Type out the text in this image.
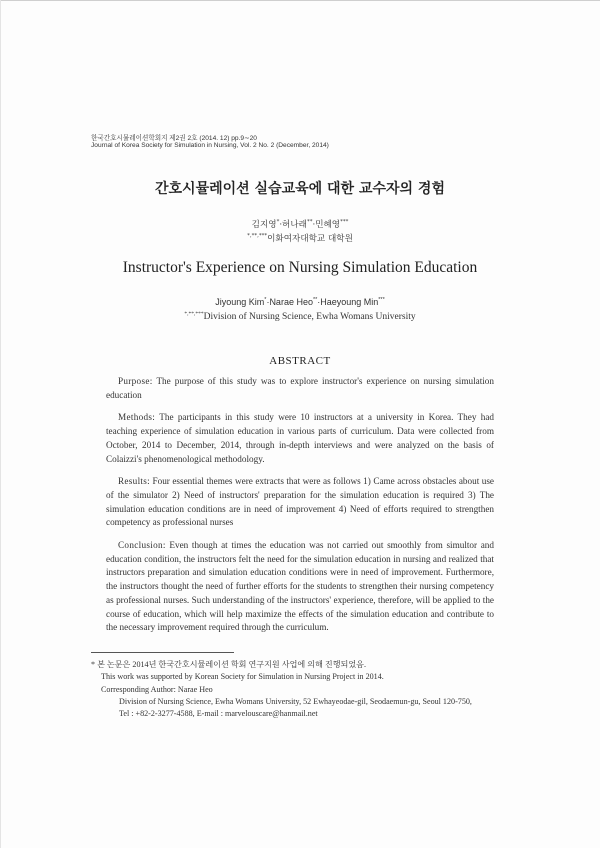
한국간호시뮬레이션학회지 제2권 2호 (2014. 12) pp.9∼20
Journal of Korea Society for Simulation in Nursing, Vol. 2 No. 2 (December, 2014)
간호시뮬레이션 실습교육에 대한 교수자의 경험
김지영*·허나래**·민혜영***
*,**,***이화여자대학교 대학원
Instructor's Experience on Nursing Simulation Education
Jiyoung Kim*·Narae Heo**·Haeyoung Min***
*,**,***Division of Nursing Science, Ewha Womans University
ABSTRACT

Purpose: The purpose of this study was to explore instructor's experience on nursing simulation education

Methods: The participants in this study were 10 instructors at a university in Korea. They had teaching experience of simulation education in various parts of curriculum. Data were collected from October, 2014 to December, 2014, through in-depth interviews and were analyzed on the basis of Colaizzi's phenomenological methodology.

Results: Four essential themes were extracts that were as follows 1) Came across obstacles about use of the simulator 2) Need of instructors' preparation for the simulation education is required 3) The simulation education conditions are in need of improvement 4) Need of efforts required to strengthen competency as professional nurses

Conclusion: Even though at times the education was not carried out smoothly from simultor and education condition, the instructors felt the need for the simulation education in nursing and realized that instructors preparation and simulation education conditions were in need of improvement. Furthermore, the instructors thought the need of further efforts for the students to strengthen their nursing competency as professional nurses. Such understanding of the instructors' experience, therefore, will be applied to the course of education, which will help maximize the effects of the simulation education and contribute to the necessary improvement required through the curriculum.

* 본 논문은 2014년 한국간호시뮬레이션 학회 연구지원 사업에 의해 진행되었음.
This work was supported by Korean Society for Simulation in Nursing Project in 2014.
Corresponding Author: Narae Heo
Division of Nursing Science, Ewha Womans University, 52 Ewhayeodae-gil, Seodaemun-gu, Seoul 120-750,
Tel : +82-2-3277-4588, E-mail : marvelouscare@hanmail.net
